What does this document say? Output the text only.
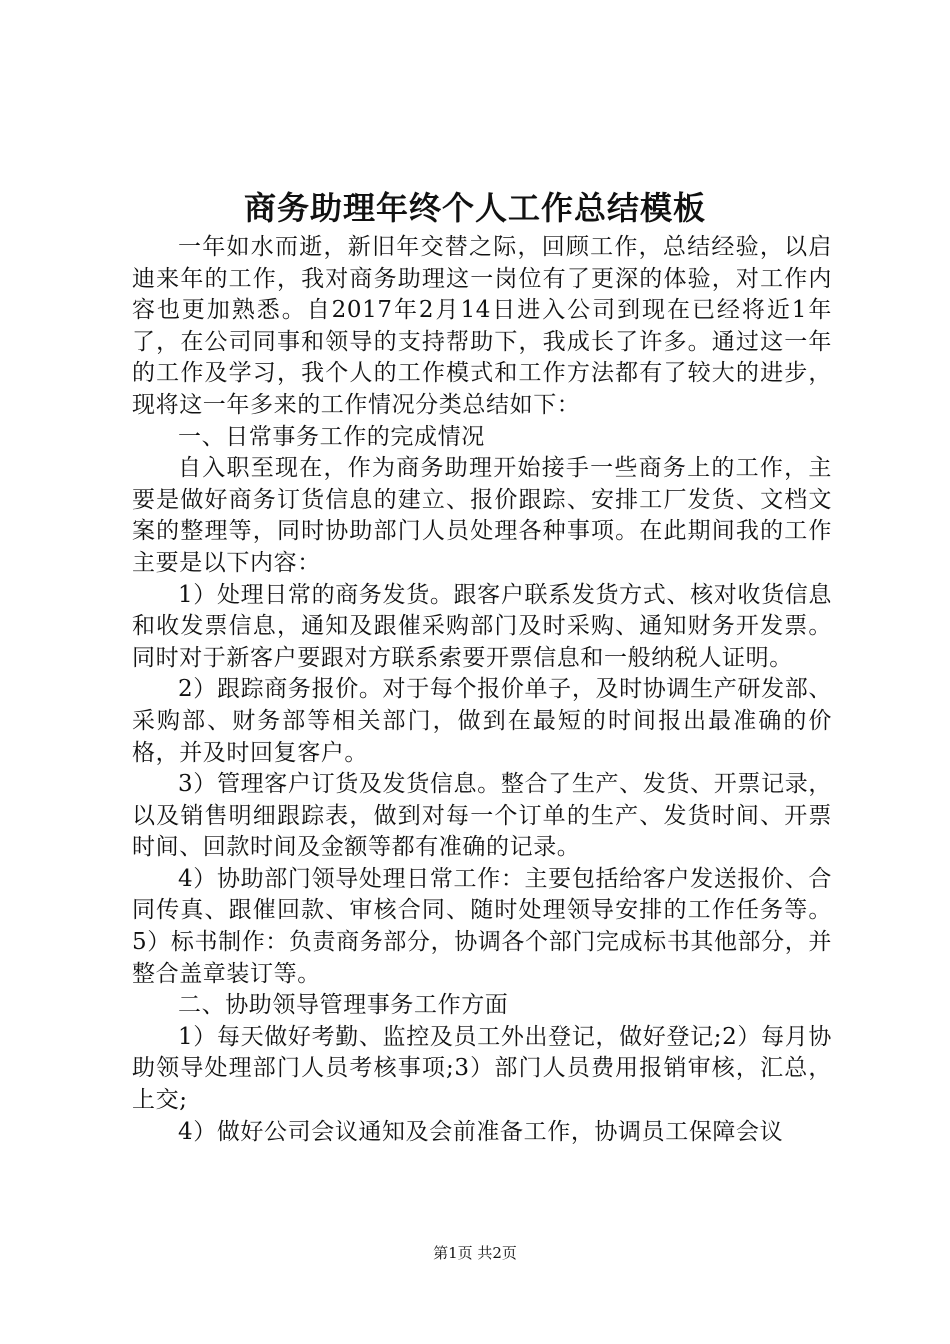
商务助理年终个人工作总结模板

一年如水而逝，新旧年交替之际，回顾工作，总结经验，以启迪来年的工作，我对商务助理这一岗位有了更深的体验，对工作内容也更加熟悉。自2017年2月14日进入公司到现在已经将近1年了，在公司同事和领导的支持帮助下，我成长了许多。通过这一年的工作及学习，我个人的工作模式和工作方法都有了较大的进步，现将这一年多来的工作情况分类总结如下：

一、日常事务工作的完成情况

自入职至现在，作为商务助理开始接手一些商务上的工作，主要是做好商务订货信息的建立、报价跟踪、安排工厂发货、文档文案的整理等，同时协助部门人员处理各种事项。在此期间我的工作主要是以下内容：

1）处理日常的商务发货。跟客户联系发货方式、核对收货信息和收发票信息，通知及跟催采购部门及时采购、通知财务开发票。同时对于新客户要跟对方联系索要开票信息和一般纳税人证明。

2）跟踪商务报价。对于每个报价单子，及时协调生产研发部、采购部、财务部等相关部门，做到在最短的时间报出最准确的价格，并及时回复客户。

3）管理客户订货及发货信息。整合了生产、发货、开票记录，以及销售明细跟踪表，做到对每一个订单的生产、发货时间、开票时间、回款时间及金额等都有准确的记录。

4）协助部门领导处理日常工作：主要包括给客户发送报价、合同传真、跟催回款、审核合同、随时处理领导安排的工作任务等。5）标书制作：负责商务部分，协调各个部门完成标书其他部分，并整合盖章装订等。

二、协助领导管理事务工作方面

1）每天做好考勤、监控及员工外出登记，做好登记;2）每月协助领导处理部门人员考核事项;3）部门人员费用报销审核，汇总，上交;

4）做好公司会议通知及会前准备工作，协调员工保障会议

第1页 共2页
